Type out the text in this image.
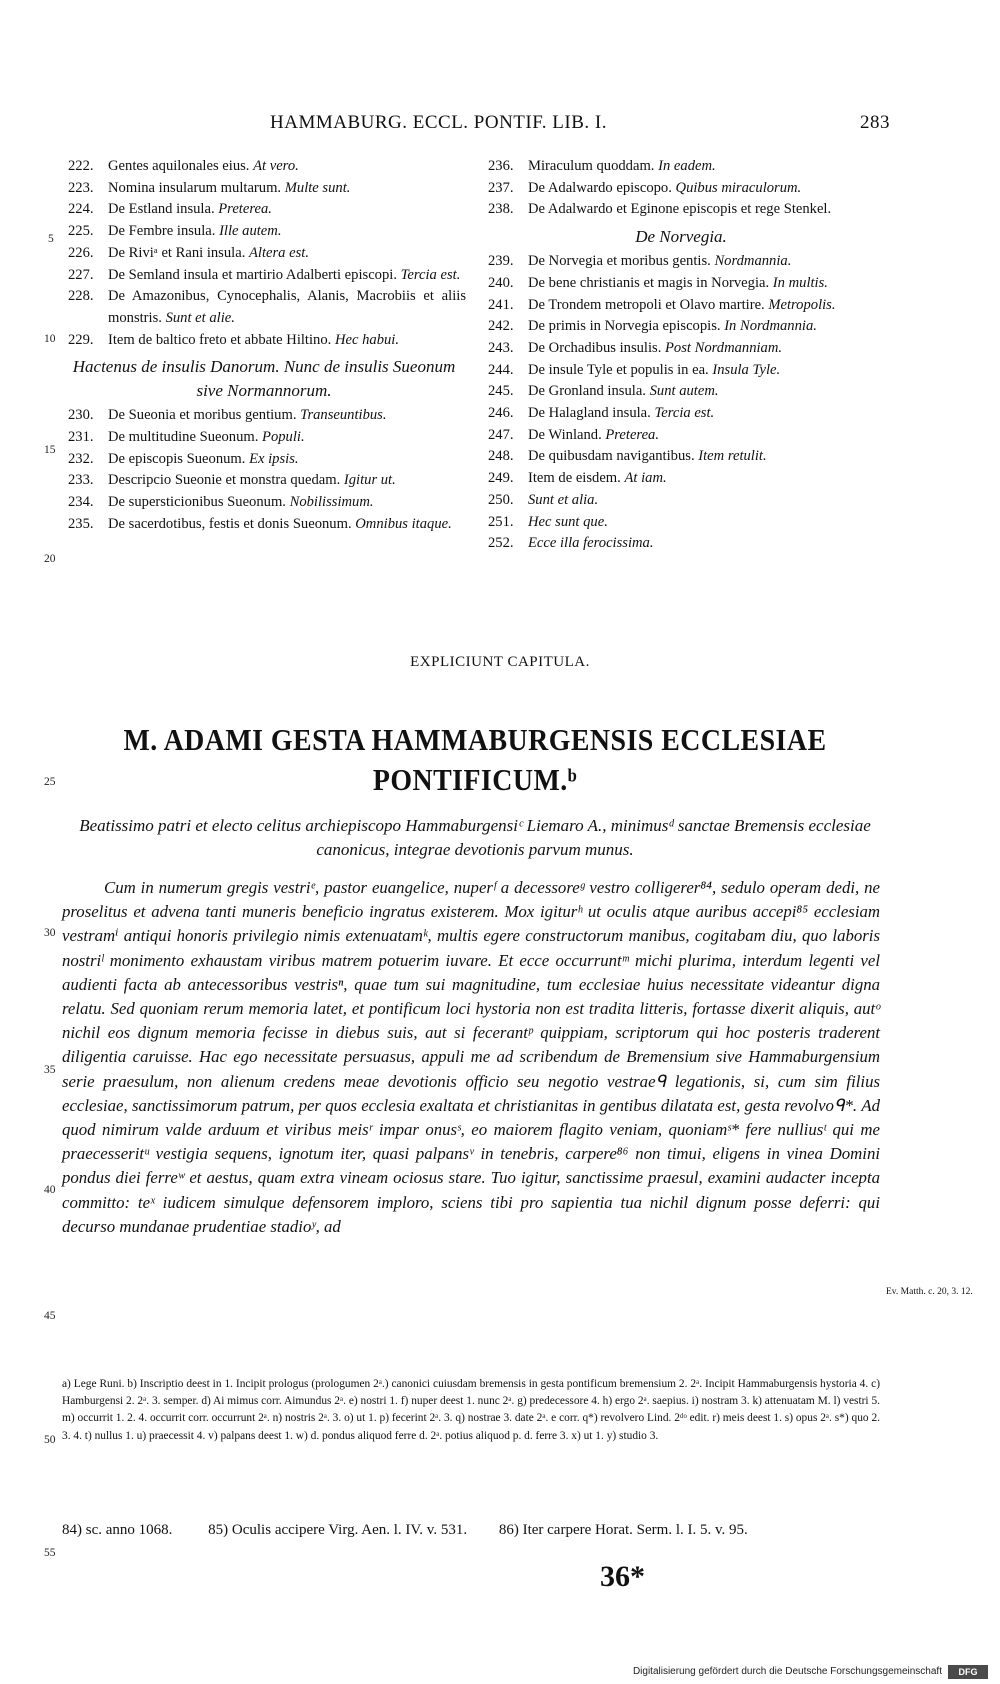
HAMMABURG. ECCL. PONTIF. LIB. I.	283
222. Gentes aquilonales eius. At vero.
223. Nomina insularum multarum. Multe sunt.
224. De Estland insula. Preterea.
225. De Fembre insula. Ille autem.
226. De Riviᵃ et Rani insula. Altera est.
227. De Semland insula et martirio Adalberti episcopi. Tercia est.
228. De Amazonibus, Cynocephalis, Alanis, Macrobiis et aliis monstris. Sunt et alie.
229. Item de baltico freto et abbate Hiltino. Hec habui.
Hactenus de insulis Danorum. Nunc de insulis Sueonum sive Normannorum.
230. De Sueonia et moribus gentium. Transeuntibus.
231. De multitudine Sueonum. Populi.
232. De episcopis Sueonum. Ex ipsis.
233. Descripcio Sueonie et monstra quedam. Igitur ut.
234. De supersticionibus Sueonum. Nobilissimum.
235. De sacerdotibus, festis et donis Sueonum. Omnibus itaque.
236. Miraculum quoddam. In eadem.
237. De Adalwardo episcopo. Quibus miraculorum.
238. De Adalwardo et Eginone episcopis et rege Stenkel.
De Norvegia.
239. De Norvegia et moribus gentis. Nordmannia.
240. De bene christianis et magis in Norvegia. In multis.
241. De Trondem metropoli et Olavo martire. Metropolis.
242. De primis in Norvegia episcopis. In Nordmannia.
243. De Orchadibus insulis. Post Nordmanniam.
244. De insule Tyle et populis in ea. Insula Tyle.
245. De Gronland insula. Sunt autem.
246. De Halagland insula. Tercia est.
247. De Winland. Preterea.
248. De quibusdam navigantibus. Item retulit.
249. Item de eisdem. At iam.
250. Sunt et alia.
251. Hec sunt que.
252. Ecce illa ferocissima.
EXPLICIUNT CAPITULA.
5
10
15
20
25
30
35
40
45
50
55
M. ADAMI GESTA HAMMABURGENSIS ECCLESIAE
PONTIFICUM.ᵇ
Beatissimo patri et electo celitus archiepiscopo Hammaburgensiᶜ Liemaro A., minimusᵈ sanctae Bremensis ecclesiae canonicus, integrae devotionis parvum munus.
Cum in numerum gregis vestriᵉ, pastor euangelice, nuperᶠ a decessoreᵍ vestro colligerer⁸⁴, sedulo operam dedi, ne proselitus et advena tanti muneris beneficio ingratus existerem. Mox igiturʰ ut oculis atque auribus accepi⁸⁵ ecclesiam vestramⁱ antiqui honoris privilegio nimis extenuatamᵏ, multis egere constructorum manibus, cogitabam diu, quo laboris nostriˡ monimento exhaustam viribus matrem potuerim iuvare. Et ecce occurruntᵐ michi plurima, interdum legenti vel audienti facta ab antecessoribus vestrisⁿ, quae tum sui magnitudine, tum ecclesiae huius necessitate videantur digna relatu. Sed quoniam rerum memoria latet, et pontificum loci hystoria non est tradita litteris, fortasse dixerit aliquis, autᵒ nichil eos dignum memoria fecisse in diebus suis, aut si fecerantᵖ quippiam, scriptorum qui hoc posteris traderent diligentia caruisse. Hac ego necessitate persuasus, appuli me ad scribendum de Bremensium sive Hammaburgensium serie praesulum, non alienum credens meae devotionis officio seu negotio vestraeᑫ legationis, si, cum sim filius ecclesiae, sanctissimorum patrum, per quos ecclesia exaltata et christianitas in gentibus dilatata est, gesta revolvoᑫ*. Ad quod nimirum valde arduum et viribus meisʳ impar onusˢ, eo maiorem flagito veniam, quoniamˢ* fere nulliusᵗ qui me praecesseritᵘ vestigia sequens, ignotum iter, quasi palpansᵛ in tenebris, carpere⁸⁶ non timui, eligens in vinea Domini pondus diei ferreʷ et aestus, quam extra vineam ociosus stare. Tuo igitur, sanctissime praesul, examini audacter incepta committo: teˣ iudicem simulque defensorem imploro, sciens tibi pro sapientia tua nichil dignum posse deferri: qui decurso mundanae prudentiae stadioʸ, ad
Ev. Matth. c. 20, 3. 12.
a) Lege Runi. b) Inscriptio deest in 1. Incipit prologus (prologumen 2ᵃ.) canonici cuiusdam bremensis in gesta pontificum bremensium 2. 2ᵃ. Incipit Hammaburgensis hystoria 4. c) Hamburgensi 2. 2ᵃ. 3. semper. d) Ai mimus corr. Aimundus 2ᵃ. e) nostri 1. f) nuper deest 1. nunc 2ᵃ. g) predecessore 4. h) ergo 2ᵃ. saepius. i) nostram 3. k) attenuatam M. l) vestri 5. m) occurrit 1. 2. 4. occurrit corr. occurrunt 2ᵃ. n) nostris 2ᵃ. 3. o) ut 1. p) fecerint 2ᵃ. 3. q) nostrae 3. date 2ᵃ. e corr. q*) revolvero Lind. 2ᵈᵒ edit. r) meis deest 1. s) opus 2ᵃ. s*) quo 2. 3. 4. t) nullus 1. u) praecessit 4. v) palpans deest 1. w) d. pondus aliquod ferre d. 2ᵃ. potius aliquod p. d. ferre 3. x) ut 1. y) studio 3.
84) sc. anno 1068. 85) Oculis accipere Virg. Aen. l. IV. v. 531. 86) Iter carpere Horat. Serm. l. I. 5. v. 95.
36*
Digitalisierung gefördert durch die Deutsche Forschungsgemeinschaft	DFG
